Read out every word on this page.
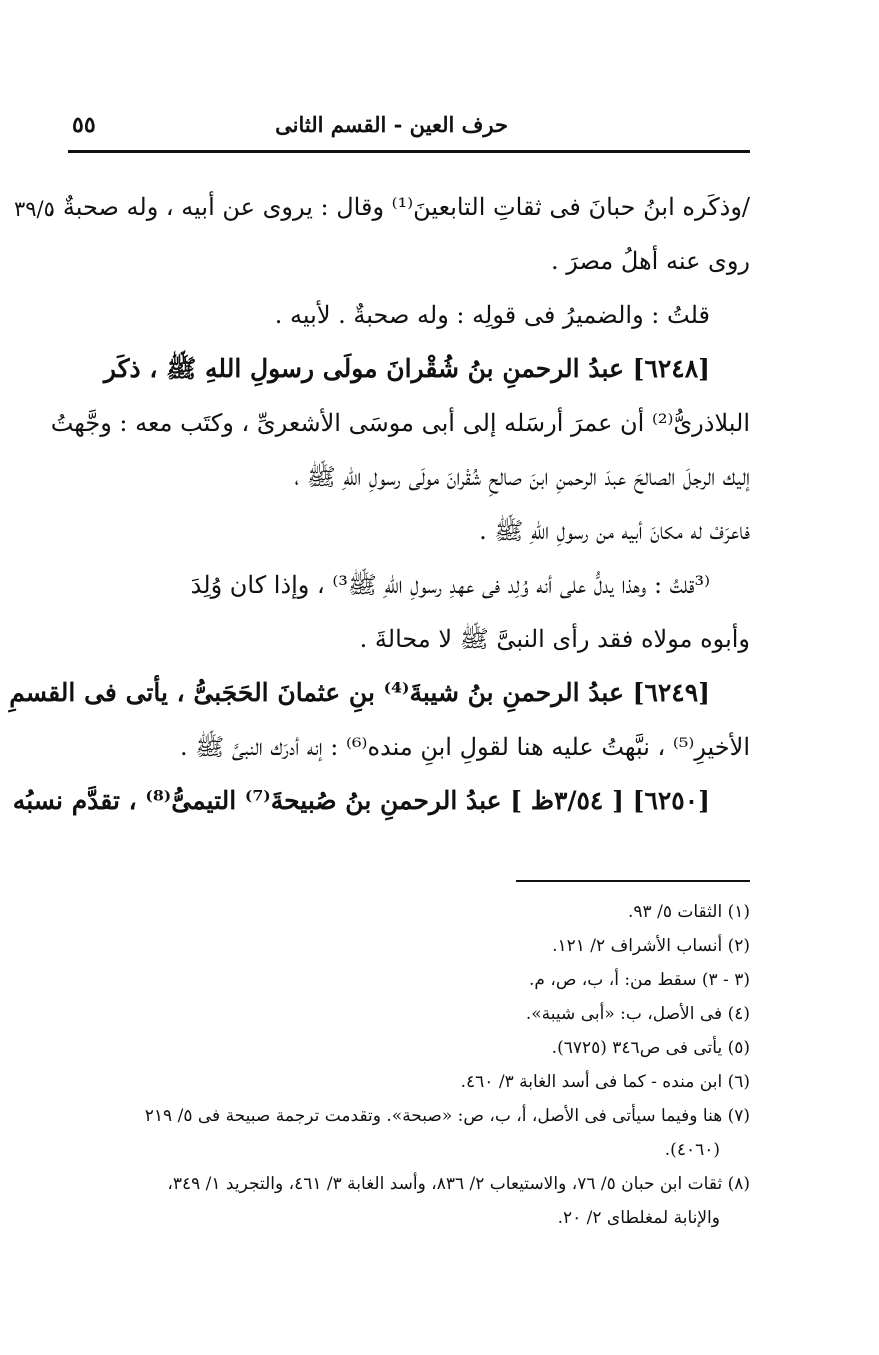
٥٥	حرف العين - القسم الثانى
٣٩/٥
/وذكَره ابنُ حبانَ فى ثقاتِ التابعينَ⁽¹⁾ وقال : يروى عن أبيه ، وله صحبةٌ ،
روى عنه أهلُ مصرَ .
قلتُ : والضميرُ فى قولِه : وله صحبةٌ . لأبيه .
[٦٢٤٨] عبدُ الرحمنِ بنُ شُقْرانَ مولَى رسولِ اللهِ ﷺ ، ذكَر
البلاذرىُّ⁽²⁾ أن عمرَ أرسَله إلى أبى موسَى الأشعرىِّ ، وكتَب معه : وجَّهتُ
إليك الرجلَ الصالحَ عبدَ الرحمنِ ابنَ صالحِ شُقْرانَ مولَى رسولِ اللهِ ﷺ ،
فاعرَفْ له مكانَ أبيه من رسولِ اللهِ ﷺ .
⁽³قلتُ : وهذا يدلُّ على أنه وُلِد فى عهدِ رسولِ اللهِ ﷺ³⁾ ، وإذا كان وُلِدَ
وأبوه مولاه فقد رأى النبىَّ ﷺ لا محالةَ .
[٦٢٤٩] عبدُ الرحمنِ بنُ شيبةَ⁽⁴⁾ بنِ عثمانَ الحَجَبىُّ ، يأتى فى القسمِ
الأخيرِ⁽⁵⁾ ، نبَّهتُ عليه هنا لقولِ ابنِ منده⁽⁶⁾ : إنه أدرَك النبىَّ ﷺ .
[٦٢٥٠] [ ٣/٥٤ظ ] عبدُ الرحمنِ بنُ صُبيحةَ⁽⁷⁾ التيمىُّ⁽⁸⁾ ، تقدَّم نسبُه
(١) الثقات ٥/ ٩٣.
(٢) أنساب الأشراف ٢/ ١٢١.
(٣ - ٣) سقط من: أ، ب، ص، م.
(٤) فى الأصل، ب: «أبى شيبة».
(٥) يأتى فى ص٣٤٦ (٦٧٢٥).
(٦) ابن منده - كما فى أسد الغابة ٣/ ٤٦٠.
(٧) هنا وفيما سيأتى فى الأصل، أ، ب، ص: «صبحة». وتقدمت ترجمة صبيحة فى ٥/ ٢١٩
(٤٠٦٠).
(٨) ثقات ابن حبان ٥/ ٧٦، والاستيعاب ٢/ ٨٣٦، وأسد الغابة ٣/ ٤٦١، والتجريد ١/ ٣٤٩،
والإنابة لمغلطاى ٢/ ٢٠.
